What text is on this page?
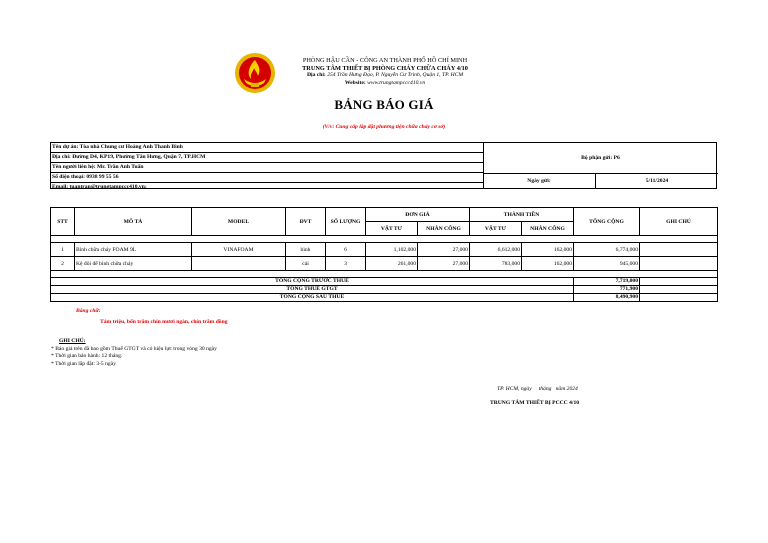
PHÒNG HẬU CẦN - CÔNG AN THÀNH PHỐ HỒ CHÍ MINH
TRUNG TÂM THIẾT BỊ PHÒNG CHÁY CHỮA CHÁY 4/10
Địa chỉ: 254 Trần Hưng Đạo, P. Nguyễn Cư Trinh, Quận 1, TP. HCM
Website: www.trungtampccc410.vn
BẢNG BÁO GIÁ
(V/v: Cung cấp lắp đặt phương tiện chữa cháy cơ sở)
Tên dự án: Tòa nhà Chung cư Hoàng Anh Thanh Bình
Địa chỉ: Đường D4, KP19, Phường Tân Hưng, Quận 7, TP.HCM
Tên người liên hệ: Mr. Trần Anh Tuấn
Số điện thoại: 0938 99 55 56
Email: tuantran@trungtampccc410.vn;
Bộ phận gửi: P6
Ngày gửi:	5/11/2024
STT	MÔ TẢ	MODEL	ĐVT	SỐ LƯỢNG	ĐƠN GIÁ		THÀNH TIỀN		TỔNG CỘNG	GHI CHÚ
					VẬT TƯ	NHÂN CÔNG	VẬT TƯ	NHÂN CÔNG		

1	Bình chữa cháy FOAM 9L	VINAFOAM	bình	6	1,102,000	27,000	6,612,000	162,000	6,774,000	
2	Kệ đôi để bình chữa cháy		cái	3	261,000	27,000	783,000	162,000	945,000	

TỔNG CỘNG TRƯỚC THUẾ									7,719,000	
TỔNG THUẾ GTGT									771,900	
TỔNG CỘNG SAU THUẾ									8,490,900	
Bằng chữ:
Tám triệu, bốn trăm chín mươi ngàn, chín trăm đồng
GHI CHÚ:
* Báo giá trên đã bao gồm Thuế GTGT và có hiệu lực trong vòng 30 ngày
* Thời gian bảo hành: 12 tháng.
* Thời gian lắp đặt: 3-5 ngày
TP. HCM, ngày     tháng   năm 2024
TRUNG TÂM THIẾT BỊ PCCC 4/10
